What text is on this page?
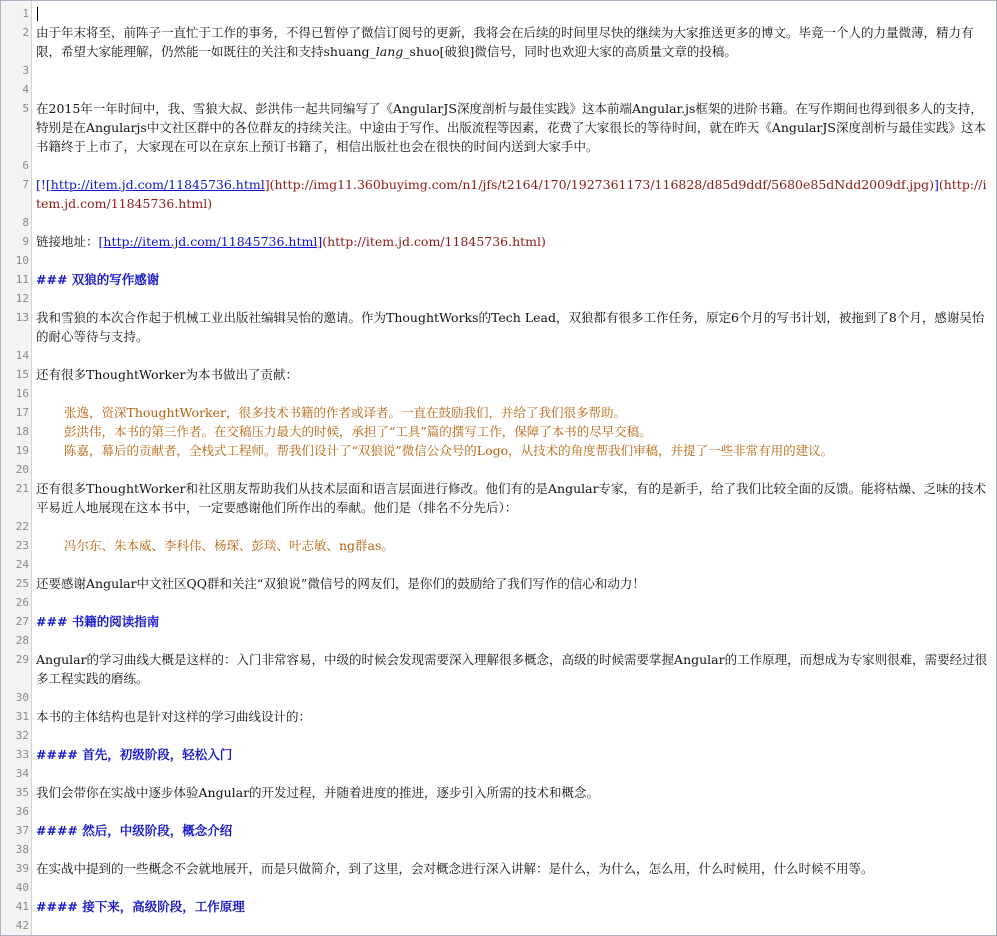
1
2 由于年末将至，前阵子一直忙于工作的事务，不得已暂停了微信订阅号的更新，我将会在后续的时间里尽快的继续为大家推送更多的博文。毕竟一个人的力量微薄，精力有限，希望大家能理解，仍然能一如既往的关注和支持shuang_lang_shuo[破狼]微信号，同时也欢迎大家的高质量文章的投稿。
3
4
5 在2015年一年时间中，我、雪狼大叔、彭洪伟一起共同编写了《AngularJS深度剖析与最佳实践》这本前端Angular.js框架的进阶书籍。在写作期间也得到很多人的支持，特别是在Angularjs中文社区群中的各位群友的持续关注。中途由于写作、出版流程等因素，花费了大家很长的等待时间，就在昨天《AngularJS深度剖析与最佳实践》这本书籍终于上市了，大家现在可以在京东上预订书籍了，相信出版社也会在很快的时间内送到大家手中。
6
7 [![http://item.jd.com/11845736.html](http://img11.360buyimg.com/n1/jfs/t2164/170/1927361173/116828/d85d9ddf/5680e85dNdd2009df.jpg)](http://item.jd.com/11845736.html)
8
9 链接地址：[http://item.jd.com/11845736.html](http://item.jd.com/11845736.html)
10
11 ### 双狼的写作感谢
12
13 我和雪狼的本次合作起于机械工业出版社编辑吴怡的邀请。作为ThoughtWorks的Tech Lead，双狼都有很多工作任务，原定6个月的写书计划，被拖到了8个月，感谢吴怡的耐心等待与支持。
14
15 还有很多ThoughtWorker为本书做出了贡献：
16
17	张逸，资深ThoughtWorker，很多技术书籍的作者或译者。一直在鼓励我们，并给了我们很多帮助。
18	彭洪伟，本书的第三作者。在交稿压力最大的时候，承担了“工具”篇的撰写工作，保障了本书的尽早交稿。
19	陈嘉，幕后的贡献者，全栈式工程师。帮我们设计了“双狼说”微信公众号的Logo，从技术的角度帮我们审稿，并提了一些非常有用的建议。
20
21 还有很多ThoughtWorker和社区朋友帮助我们从技术层面和语言层面进行修改。他们有的是Angular专家，有的是新手，给了我们比较全面的反馈。能将枯燥、乏味的技术平易近人地展现在这本书中，一定要感谢他们所作出的奉献。他们是（排名不分先后）：
22
23	冯尔东、朱本威、李科伟、杨琛、彭琰、叶志敏、ng群as。
24
25 还要感谢Angular中文社区QQ群和关注“双狼说”微信号的网友们，是你们的鼓励给了我们写作的信心和动力！
26
27 ### 书籍的阅读指南
28
29 Angular的学习曲线大概是这样的：入门非常容易，中级的时候会发现需要深入理解很多概念，高级的时候需要掌握Angular的工作原理，而想成为专家则很难，需要经过很多工程实践的磨练。
30
31 本书的主体结构也是针对这样的学习曲线设计的：
32
33 #### 首先，初级阶段，轻松入门
34
35 我们会带你在实战中逐步体验Angular的开发过程，并随着进度的推进，逐步引入所需的技术和概念。
36
37 #### 然后，中级阶段，概念介绍
38
39 在实战中提到的一些概念不会就地展开，而是只做简介，到了这里，会对概念进行深入讲解：是什么，为什么，怎么用，什么时候用，什么时候不用等。
40
41 #### 接下来，高级阶段，工作原理
42
